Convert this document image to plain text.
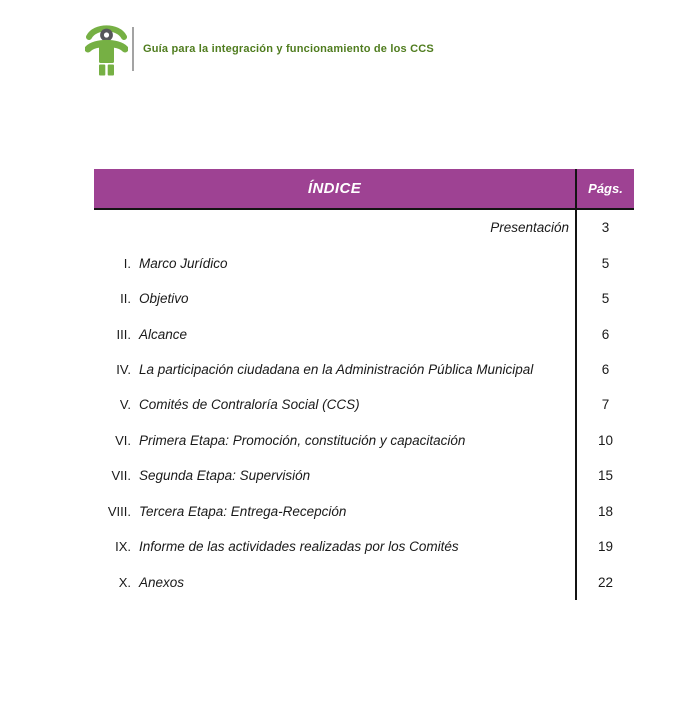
Guía para la integración y funcionamiento de los CCS
ÍNDICE	Págs.
Presentación	3
I. Marco Jurídico	5
II. Objetivo	5
III. Alcance	6
IV. La participación ciudadana en la Administración Pública Municipal	6
V. Comités de Contraloría Social (CCS)	7
VI. Primera Etapa: Promoción, constitución y capacitación	10
VII. Segunda Etapa: Supervisión	15
VIII. Tercera Etapa: Entrega-Recepción	18
IX. Informe de las actividades realizadas por los Comités	19
X. Anexos	22
